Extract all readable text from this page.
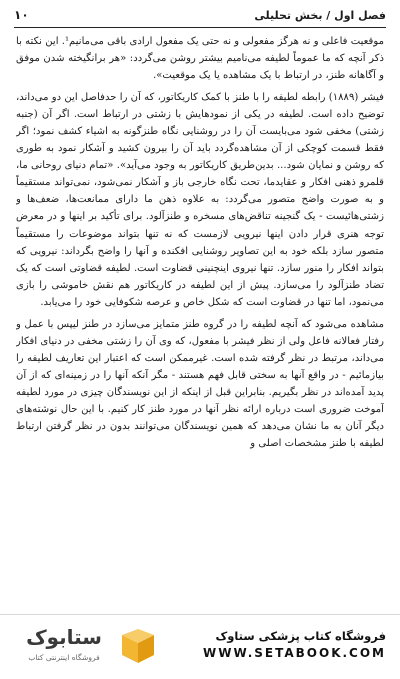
فصل اول / بخش تحلیلی
۱۰

موقعیت فاعلی و نه هرگز مفعولی و نه حتی یک مفعول ارادی باقی می‌مانیم¹. این نکته با ذکر آنچه که ما عموماً لطیفه می‌نامیم بیشتر روشن می‌گردد: «هر برانگیخته شدن موفق و آگاهانه طنز، در ارتباط با یک مشاهده یا یک موقعیت».

فیشر (۱۸۸۹) رابطه لطیفه را با طنز با کمک کاریکاتور، که آن را حدفاصل این دو می‌داند، توضیح داده است. لطیفه در یکی از نمودهایش با زشتی در ارتباط است. اگر آن (جنبه زشتی) مخفی شود می‌بایست آن را در روشنایی نگاه طنزگونه به اشیاء کشف نمود؛ اگر فقط قسمت کوچکی از آن مشاهده‌گردد باید آن را بیرون کشید و آشکار نمود به طوری که روشن و نمایان شود... بدین‌طریق کاریکاتور به وجود می‌آید». «تمام دنیای روحانی ما، قلمرو ذهنی افکار و عقایدما، تحت نگاه خارجی باز و آشکار نمی‌شود، نمی‌تواند مستقیماً و به صورت واضح متصور می‌گردد: به علاوه ذهن ما دارای ممانعت‌ها، ضعف‌ها و زشتی‌هائیست - یک گنجینه تناقض‌های مسخره و طنزآلود. برای تأکید بر اینها و در معرض توجه هنری قرار دادن اینها نیرویی لازمست که نه تنها بتواند موضوعات را مستقیماً متصور سازد بلکه خود به این تصاویر روشنایی افکنده و آنها را واضح بگرداند: نیرویی که بتواند افکار را منور سازد. تنها نیروی اینچنینی قضاوت است. لطیفه قضاوتی است که یک تضاد طنزآلود را می‌سازد. پیش از این لطیفه در کاریکاتور هم نقش خاموشی را بازی می‌نمود، اما تنها در قضاوت است که شکل خاص و عرصه شکوفایی خود را می‌یابد.

مشاهده می‌شود که آنچه لطیفه را در گروه طنز متمایز می‌سازد در طنز لیپس با عمل و رفتار فعالانه فاعل ولی از نظر فیشر با مفعول، که وی آن را زشتی مخفی در دنیای افکار می‌داند، مرتبط در نظر گرفته شده است. غیرممکن است که اعتبار این تعاریف لطیفه را بیازمائیم - در واقع آنها به سختی قابل فهم هستند - مگر آنکه آنها را در زمینه‌ای که از آن پدید آمده‌اند در نظر بگیریم. بنابراین قبل از اینکه از این نویسندگان چیزی در مورد لطیفه آموخت ضروری است درباره ارائه نظر آنها در مورد طنز کار کنیم. با این حال نوشته‌های دیگر آنان به ما نشان می‌دهد که همین نویسندگان می‌توانند بدون در نظر گرفتن ارتباط لطیفه با طنز مشخصات اصلی و

ستابوک
فروشگاه اینترنتی کتاب
فروشگاه کتاب پزشکی ستاوک
WWW.SETABOOK.COM
